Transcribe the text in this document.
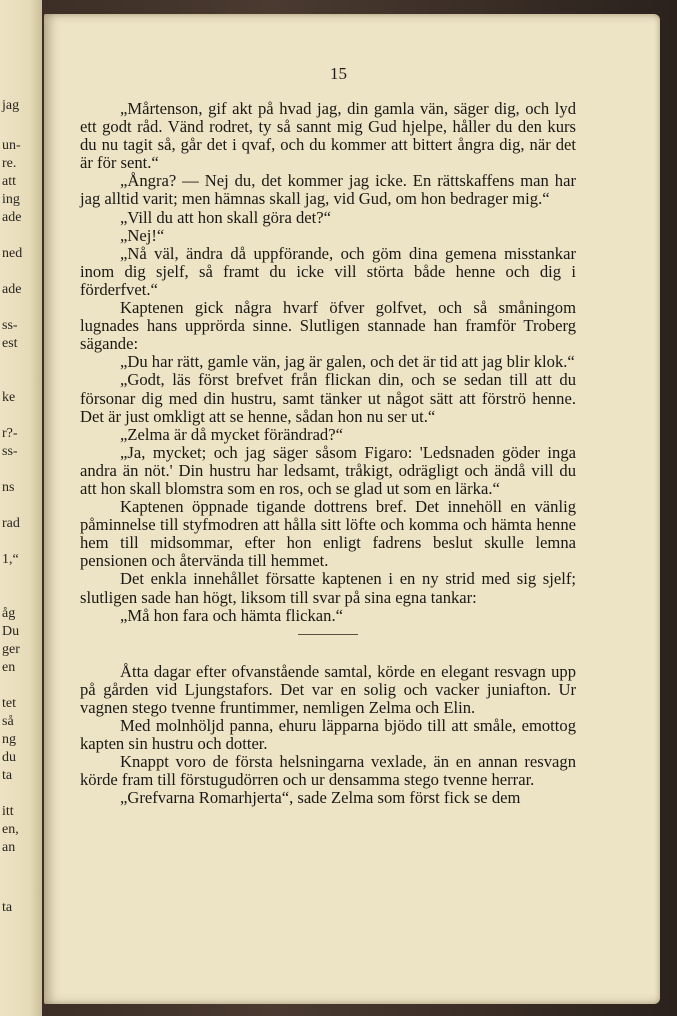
jag
un-
re.
att
ing
ade
ned
ade
ss-
est
ke
r?-
ss-
ns
rad
1,“
åg
Du
ger
en
tet
så
ng
du
ta
itt
en,
an
ta
15

„Mårtenson, gif akt på hvad jag, din gamla vän, säger dig, och lyd ett godt råd. Vänd rodret, ty så sannt mig Gud hjelpe, håller du den kurs du nu tagit så, går det i qvaf, och du kommer att bittert ångra dig, när det är för sent.“

„Ångra? — Nej du, det kommer jag icke. En rättskaffens man har jag alltid varit; men hämnas skall jag, vid Gud, om hon bedrager mig.“

„Vill du att hon skall göra det?“

„Nej!“

„Nå väl, ändra då uppförande, och göm dina gemena misstankar inom dig sjelf, så framt du icke vill störta både henne och dig i förderfvet.“

Kaptenen gick några hvarf öfver golfvet, och så småningom lugnades hans upprörda sinne. Slutligen stannade han framför Troberg sägande:

„Du har rätt, gamle vän, jag är galen, och det är tid att jag blir klok.“

„Godt, läs först brefvet från flickan din, och se sedan till att du försonar dig med din hustru, samt tänker ut något sätt att förströ henne. Det är just omkligt att se henne, sådan hon nu ser ut.“

„Zelma är då mycket förändrad?“

„Ja, mycket; och jag säger såsom Figaro: 'Ledsnaden göder inga andra än nöt.' Din hustru har ledsamt, tråkigt, odrägligt och ändå vill du att hon skall blomstra som en ros, och se glad ut som en lärka.“

Kaptenen öppnade tigande dottrens bref. Det innehöll en vänlig påminnelse till styfmodren att hålla sitt löfte och komma och hämta henne hem till midsommar, efter hon enligt fadrens beslut skulle lemna pensionen och återvända till hemmet.

Det enkla innehållet försatte kaptenen i en ny strid med sig sjelf; slutligen sade han högt, liksom till svar på sina egna tankar:

„Må hon fara och hämta flickan.“

Åtta dagar efter ofvanstående samtal, körde en elegant resvagn upp på gården vid Ljungstafors. Det var en solig och vacker juniafton. Ur vagnen stego tvenne fruntimmer, nemligen Zelma och Elin.

Med molnhöljd panna, ehuru läpparna bjödo till att småle, emottog kapten sin hustru och dotter.

Knappt voro de första helsningarna vexlade, än en annan resvagn körde fram till förstugudörren och ur densamma stego tvenne herrar.

„Grefvarna Romarhjerta“, sade Zelma som först fick se dem
